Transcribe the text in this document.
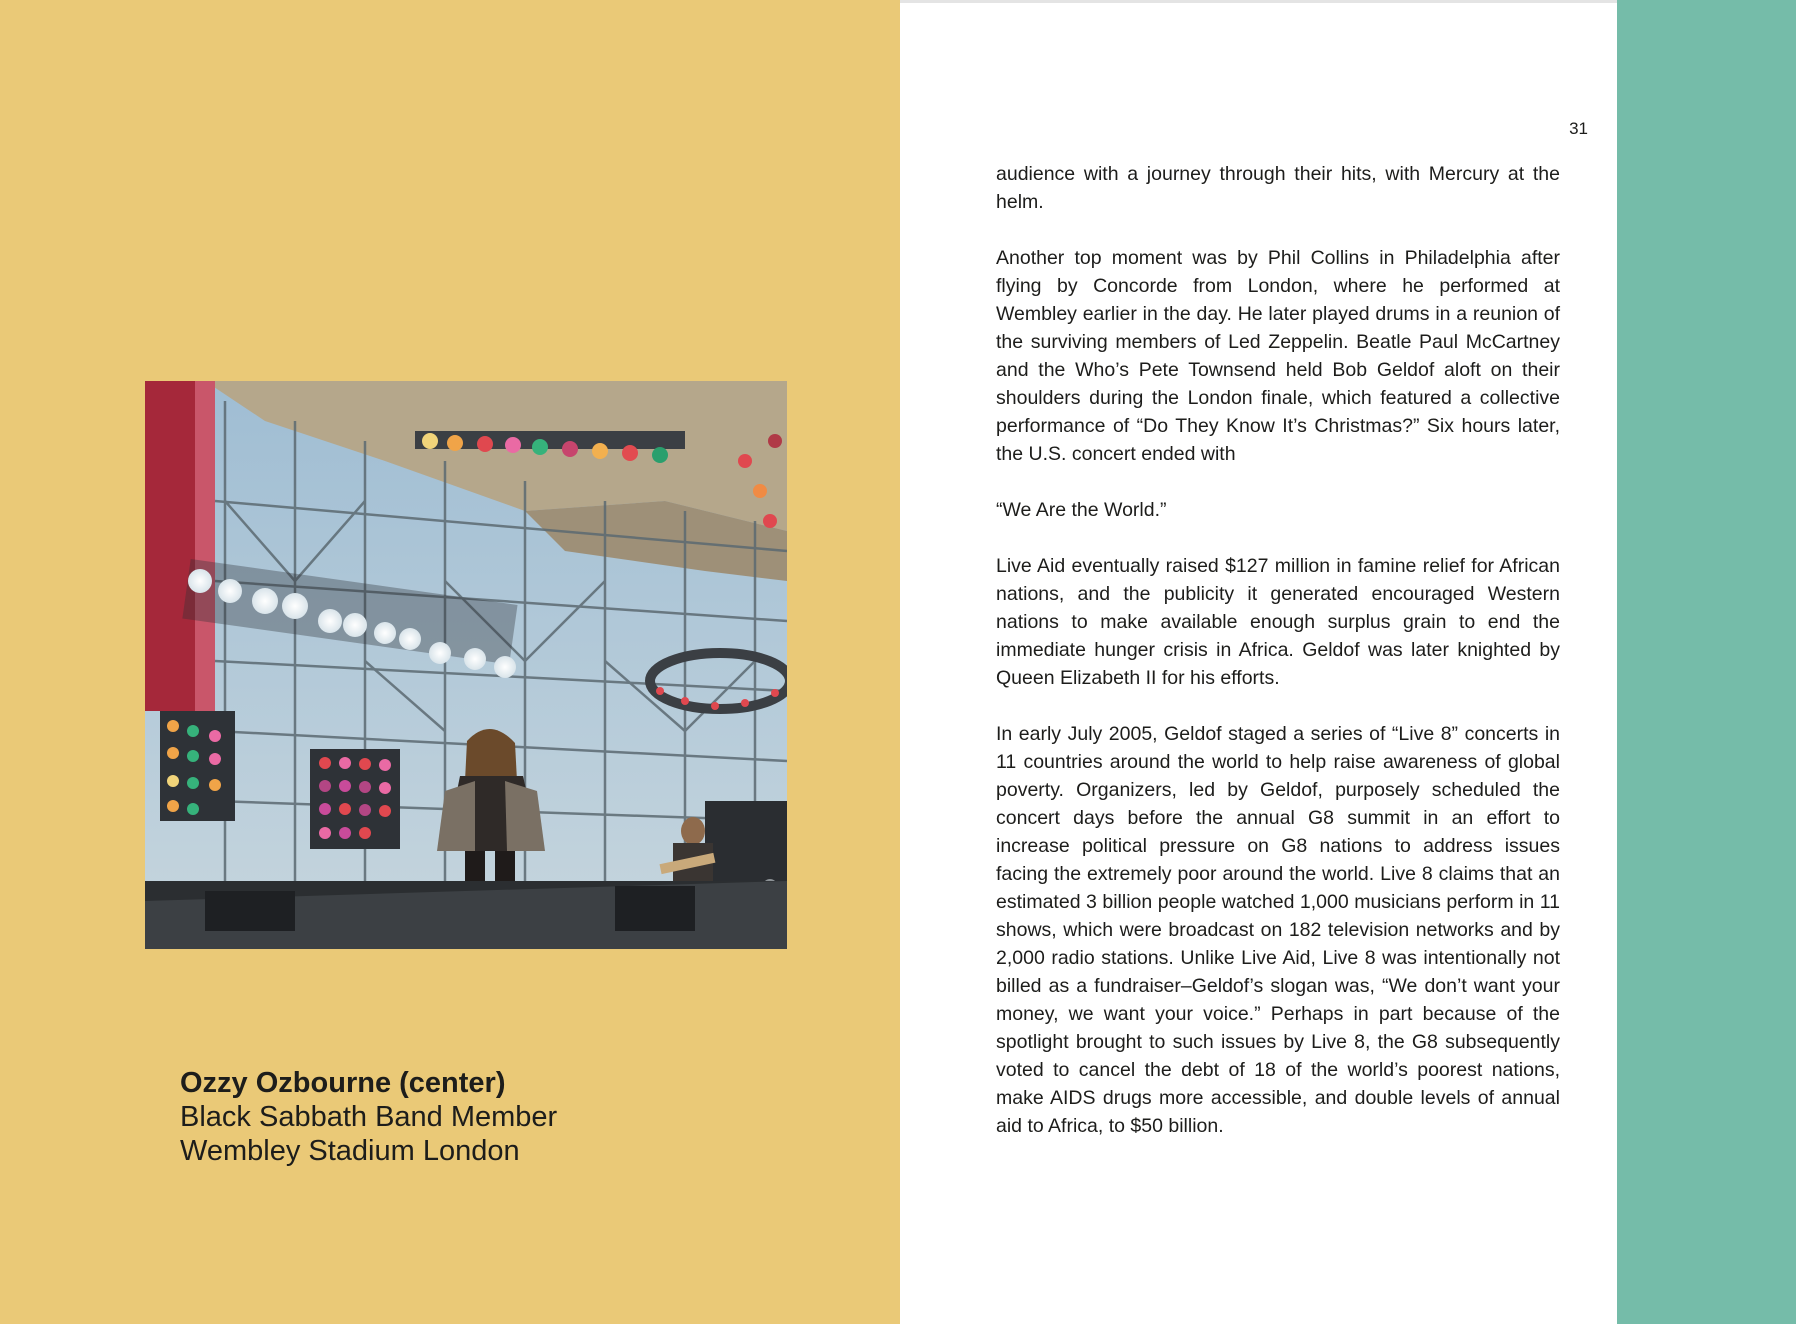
Ozzy Ozbourne (center)
Black Sabbath Band Member
Wembley Stadium London
31

audience with a journey through their hits, with Mercury at the helm.

Another top moment was by Phil Collins in Philadelphia after flying by Concorde from London, where he performed at Wembley earlier in the day. He later played drums in a reunion of the surviving members of Led Zeppelin. Beatle Paul McCartney and the Who’s Pete Townsend held Bob Geldof aloft on their shoulders during the London finale, which featured a collective performance of “Do They Know It’s Christmas?” Six hours later, the U.S. concert ended with

“We Are the World.”

Live Aid eventually raised $127 million in famine relief for African nations, and the publicity it generated encouraged Western nations to make available enough surplus grain to end the immediate hunger crisis in Africa. Geldof was later knighted by Queen Elizabeth II for his efforts.

In early July 2005, Geldof staged a series of “Live 8” concerts in 11 countries around the world to help raise awareness of global poverty. Organizers, led by Geldof, purposely scheduled the concert days before the annual G8 summit in an effort to increase political pressure on G8 nations to address issues facing the extremely poor around the world. Live 8 claims that an estimated 3 billion people watched 1,000 musicians perform in 11 shows, which were broadcast on 182 television networks and by 2,000 radio stations. Unlike Live Aid, Live 8 was intentionally not billed as a fundraiser–Geldof’s slogan was, “We don’t want your money, we want your voice.” Perhaps in part because of the spotlight brought to such issues by Live 8, the G8 subsequently voted to cancel the debt of 18 of the world’s poorest nations, make AIDS drugs more accessible, and double levels of annual aid to Africa, to $50 billion.
